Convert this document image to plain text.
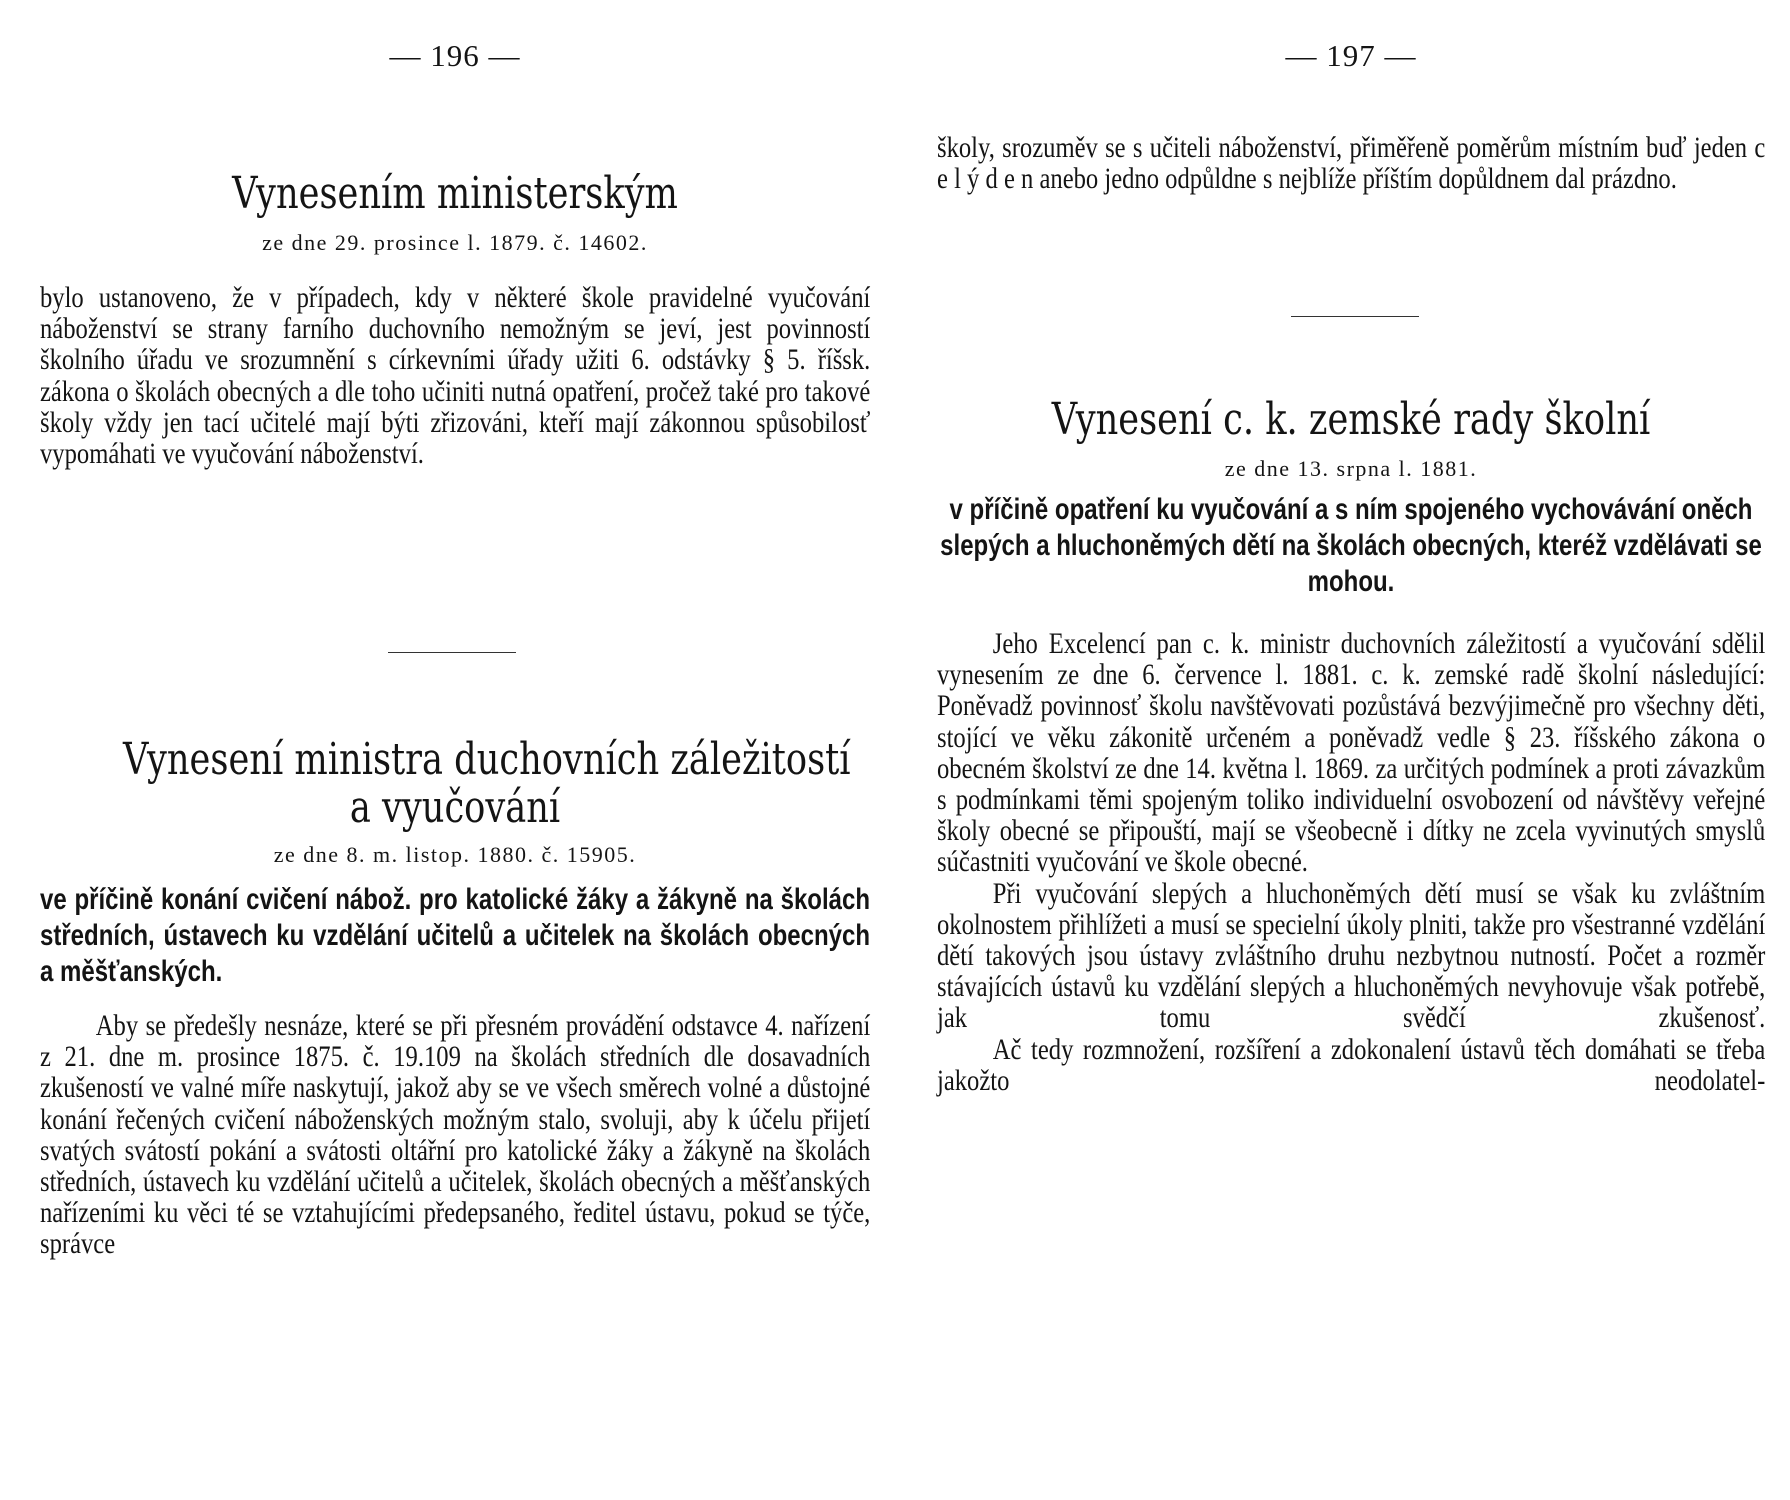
— 196 —
Vynesením ministerským

ze dne 29. prosince l. 1879. č. 14602.

bylo ustanoveno, že v případech, kdy v některé škole pravidelné vyučování náboženství se strany farního duchovního nemožným se jeví, jest povinností školního úřadu ve srozumnění s církevními úřady užiti 6. odstávky § 5. říšsk. zákona o školách obecných a dle toho učiniti nutná opatření, pročež také pro takové školy vždy jen tací učitelé mají býti zřizováni, kteří mají zákonnou spůsobilosť vypomáhati ve vyučování náboženství.

Vynesení ministra duchovních záležitostí
a vyučování

ze dne 8. m. listop. 1880. č. 15905.

ve příčině konání cvičení nábož. pro katolické žáky a žákyně na školách středních, ústavech ku vzdělání učitelů a učitelek na školách obecných a měšťanských.

Aby se předešly nesnáze, které se při přesném provádění odstavce 4. nařízení z 21. dne m. prosince 1875. č. 19.109 na školách středních dle dosavadních zkušeností ve valné míře naskytují, jakož aby se ve všech směrech volné a důstojné konání řečených cvičení náboženských možným stalo, svoluji, aby k účelu přijetí svatých svátostí pokání a svátosti oltářní pro katolické žáky a žákyně na školách středních, ústavech ku vzdělání učitelů a učitelek, školách obecných a měšťanských nařízeními ku věci té se vztahujícími předepsaného, ředitel ústavu, pokud se týče, správce

— 197 —

školy, srozuměv se s učiteli náboženství, přiměřeně poměrům místním buď jeden c e l ý d e n anebo jedno odpůldne s nejblíže příštím dopůldnem dal prázdno.

Vynesení c. k. zemské rady školní

ze dne 13. srpna l. 1881.

v příčině opatření ku vyučování a s ním spojeného vychovávání oněch slepých a hluchoněmých dětí na školách obecných, kteréž vzdělávati se mohou.

Jeho Excelencí pan c. k. ministr duchovních záležitostí a vyučování sdělil vynesením ze dne 6. července l. 1881. c. k. zemské radě školní následující: Poněvadž povinnosť školu navštěvovati pozůstává bezvýjimečně pro všechny děti, stojící ve věku zákonitě určeném a poněvadž vedle § 23. říšského zákona o obecném školství ze dne 14. května l. 1869. za určitých podmínek a proti závazkům s podmínkami těmi spojeným toliko individuelní osvobození od návštěvy veřejné školy obecné se připouští, mají se všeobecně i dítky ne zcela vyvinutých smyslů súčastniti vyučování ve škole obecné.

Při vyučování slepých a hluchoněmých dětí musí se však ku zvláštním okolnostem přihlížeti a musí se specielní úkoly plniti, takže pro všestranné vzdělání dětí takových jsou ústavy zvláštního druhu nezbytnou nutností. Počet a rozměr stávajících ústavů ku vzdělání slepých a hluchoněmých nevyhovuje však potřebě, jak tomu svědčí zkušenosť.

Ač tedy rozmnožení, rozšíření a zdokonalení ústavů těch domáhati se třeba jakožto neodolatel-
